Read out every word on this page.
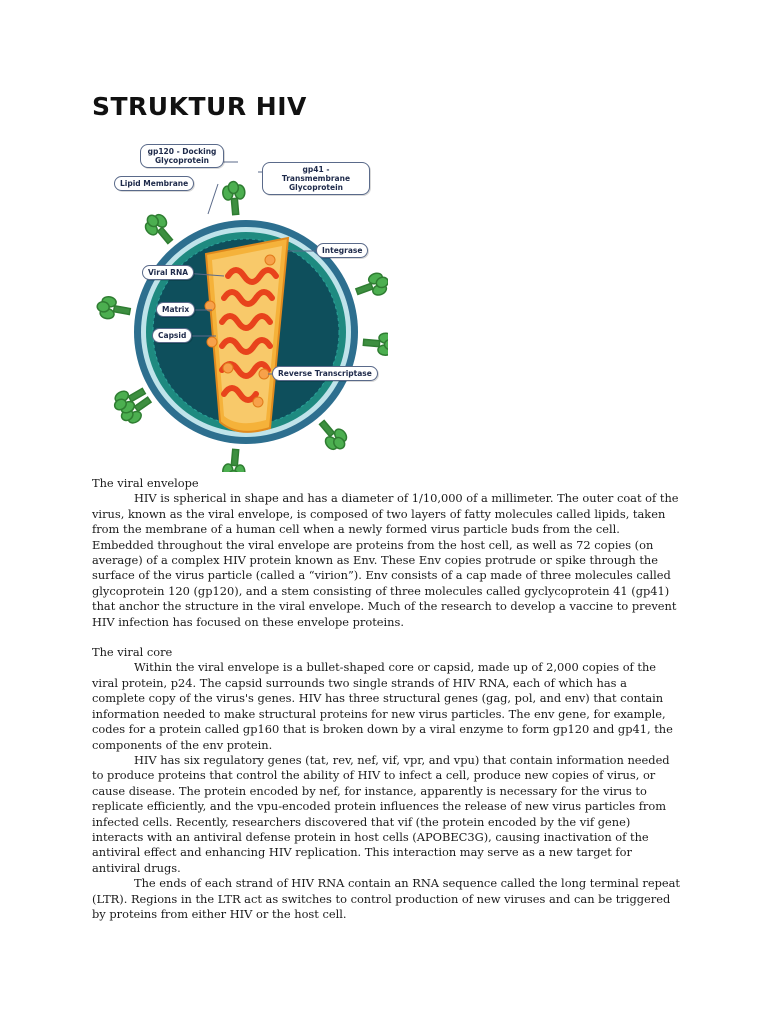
STRUKTUR HIV
gp120 - Docking
Glycoprotein
gp41 - Transmembrane
Glycoprotein
Lipid Membrane
Integrase
Viral RNA
Matrix
Capsid
Reverse Transcriptase

The viral envelope

HIV is spherical in shape and has a diameter of 1/10,000 of a millimeter. The outer coat of the virus, known as the viral envelope, is composed of two layers of fatty molecules called lipids, taken from the membrane of a human cell when a newly formed virus particle buds from the cell. Embedded throughout the viral envelope are proteins from the host cell, as well as 72 copies (on average) of a complex HIV protein known as Env. These Env copies protrude or spike through the surface of the virus particle (called a “virion”). Env consists of a cap made of three molecules called glycoprotein 120 (gp120), and a stem consisting of three molecules called gyclycoprotein 41 (gp41) that anchor the structure in the viral envelope. Much of the research to develop a vaccine to prevent HIV infection has focused on these envelope proteins.

The viral core

Within the viral envelope is a bullet-shaped core or capsid, made up of 2,000 copies of the viral protein, p24. The capsid surrounds two single strands of HIV RNA, each of which has a complete copy of the virus's genes. HIV has three structural genes (gag, pol, and env) that contain information needed to make structural proteins for new virus particles. The env gene, for example, codes for a protein called gp160 that is broken down by a viral enzyme to form gp120 and gp41, the components of the env protein.

HIV has six regulatory genes (tat, rev, nef, vif, vpr, and vpu) that contain information needed to produce proteins that control the ability of HIV to infect a cell, produce new copies of virus, or cause disease. The protein encoded by nef, for instance, apparently is necessary for the virus to replicate efficiently, and the vpu-encoded protein influences the release of new virus particles from infected cells. Recently, researchers discovered that vif (the protein encoded by the vif gene) interacts with an antiviral defense protein in host cells (APOBEC3G), causing inactivation of the antiviral effect and enhancing HIV replication. This interaction may serve as a new target for antiviral drugs.

The ends of each strand of HIV RNA contain an RNA sequence called the long terminal repeat (LTR). Regions in the LTR act as switches to control production of new viruses and can be triggered by proteins from either HIV or the host cell.
